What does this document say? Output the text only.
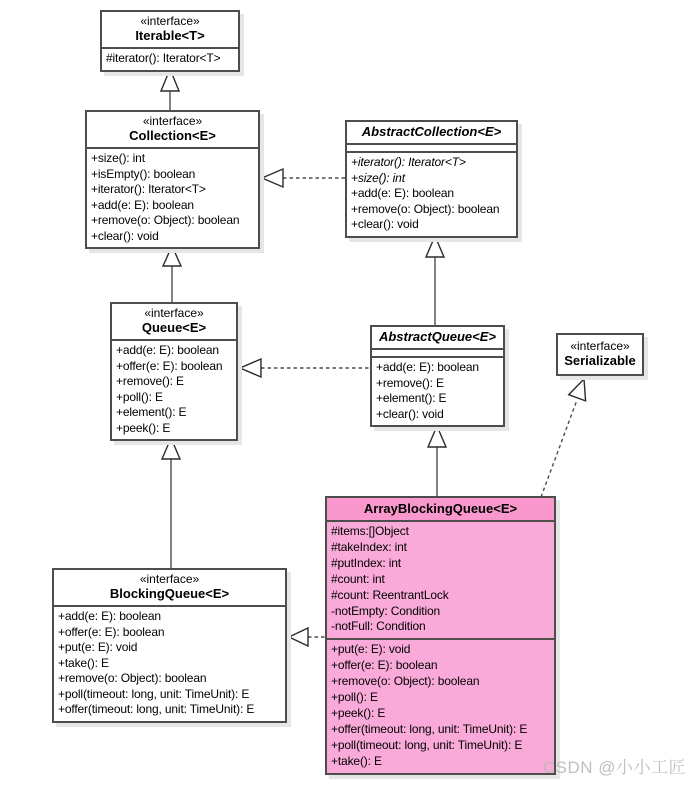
«interface»
Iterable<T>
#iterator(): Iterator<T>
«interface»
Collection<E>
+size(): int
+isEmpty(): boolean
+iterator(): Iterator<T>
+add(e: E): boolean
+remove(o: Object): boolean
+clear(): void
AbstractCollection<E>
+iterator(): Iterator<T>
+size(): int
+add(e: E): boolean
+remove(o: Object): boolean
+clear(): void
«interface»
Queue<E>
+add(e: E): boolean
+offer(e: E): boolean
+remove(): E
+poll(): E
+element(): E
+peek(): E
AbstractQueue<E>
+add(e: E): boolean
+remove(): E
+element(): E
+clear(): void
«interface»
Serializable
«interface»
BlockingQueue<E>
+add(e: E): boolean
+offer(e: E): boolean
+put(e: E): void
+take(): E
+remove(o: Object): boolean
+poll(timeout: long, unit: TimeUnit): E
+offer(timeout: long, unit: TimeUnit): E
ArrayBlockingQueue<E>
#items:[]Object
#takeIndex: int
#putIndex: int
#count: int
#count: ReentrantLock
-notEmpty: Condition
-notFull: Condition
+put(e: E): void
+offer(e: E): boolean
+remove(o: Object): boolean
+poll(): E
+peek(): E
+offer(timeout: long, unit: TimeUnit): E
+poll(timeout: long, unit: TimeUnit): E
+take(): E	CSDN @小小工匠
